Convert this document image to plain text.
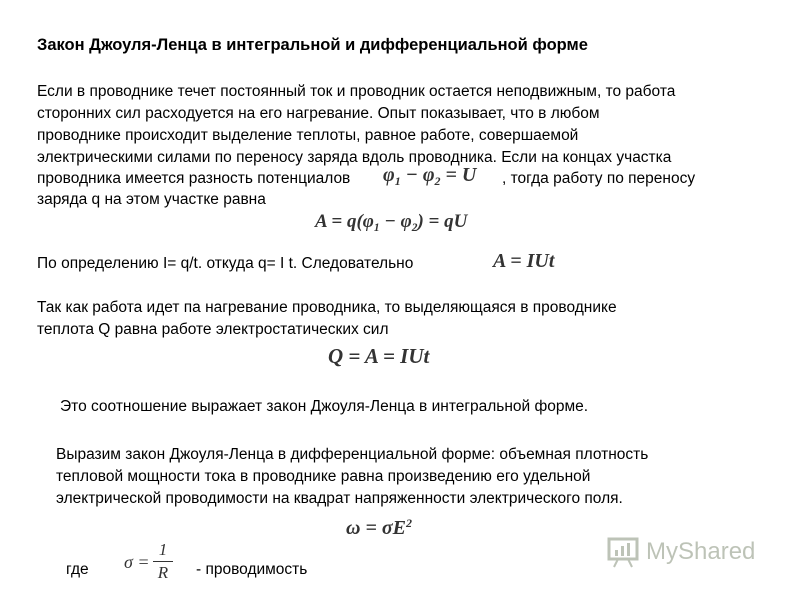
Закон Джоуля-Ленца в интегральной и дифференциальной форме
Если в проводнике течет постоянный ток и проводник остается неподвижным, то работа
сторонних сил расходуется на его нагревание. Опыт показывает, что в любом
проводнике происходит выделение теплоты, равное работе, совершаемой
электрическими силами по переносу заряда вдоль проводника. Если на концах участка
проводника имеется разность потенциалов $\varphi_1 - \varphi_2 = U$ , тогда работу по переносу
заряда q на этом участке равна
$A = q(\varphi_1 - \varphi_2)$ = qU
По определению I= q/t. откуда q= I t. Следовательно	A = IUt
Так как работа идет па нагревание проводника, то выделяющаяся в проводнике
теплота Q равна работе электростатических сил
Q = A = IUt
Это соотношение выражает закон Джоуля-Ленца в интегральной форме.
Выразим закон Джоуля-Ленца в дифференциальной форме: объемная плотность
тепловой мощности тока в проводнике равна произведению его удельной
электрической проводимости на квадрат напряженности электрического поля.
$\omega = \sigma E^2$
где σ =
1
R	- проводимость
MyShared
